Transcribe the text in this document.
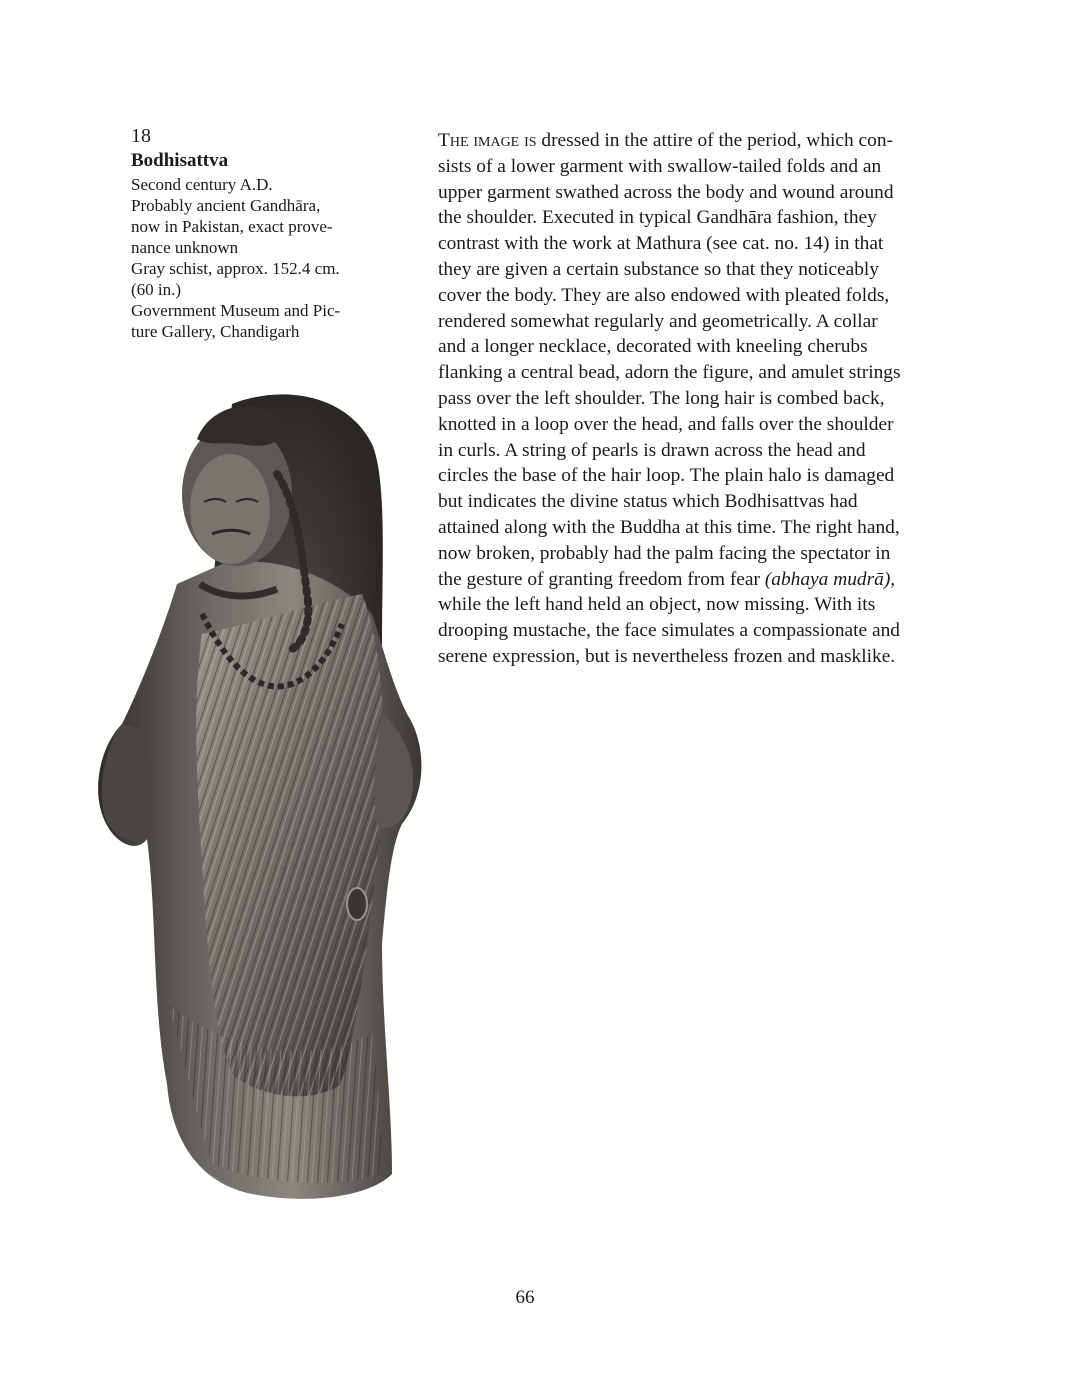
18
Bodhisattva
Second century A.D.
Probably ancient Gandhāra,
now in Pakistan, exact prove-
nance unknown
Gray schist, approx. 152.4 cm.
(60 in.)
Government Museum and Pic-
ture Gallery, Chandigarh
The image is dressed in the attire of the period, which con-
sists of a lower garment with swallow-tailed folds and an
upper garment swathed across the body and wound around
the shoulder. Executed in typical Gandhāra fashion, they
contrast with the work at Mathura (see cat. no. 14) in that
they are given a certain substance so that they noticeably
cover the body. They are also endowed with pleated folds,
rendered somewhat regularly and geometrically. A collar
and a longer necklace, decorated with kneeling cherubs
flanking a central bead, adorn the figure, and amulet strings
pass over the left shoulder. The long hair is combed back,
knotted in a loop over the head, and falls over the shoulder
in curls. A string of pearls is drawn across the head and
circles the base of the hair loop. The plain halo is damaged
but indicates the divine status which Bodhisattvas had
attained along with the Buddha at this time. The right hand,
now broken, probably had the palm facing the spectator in
the gesture of granting freedom from fear (abhaya mudrā),
while the left hand held an object, now missing. With its
drooping mustache, the face simulates a compassionate and
serene expression, but is nevertheless frozen and masklike.
66
